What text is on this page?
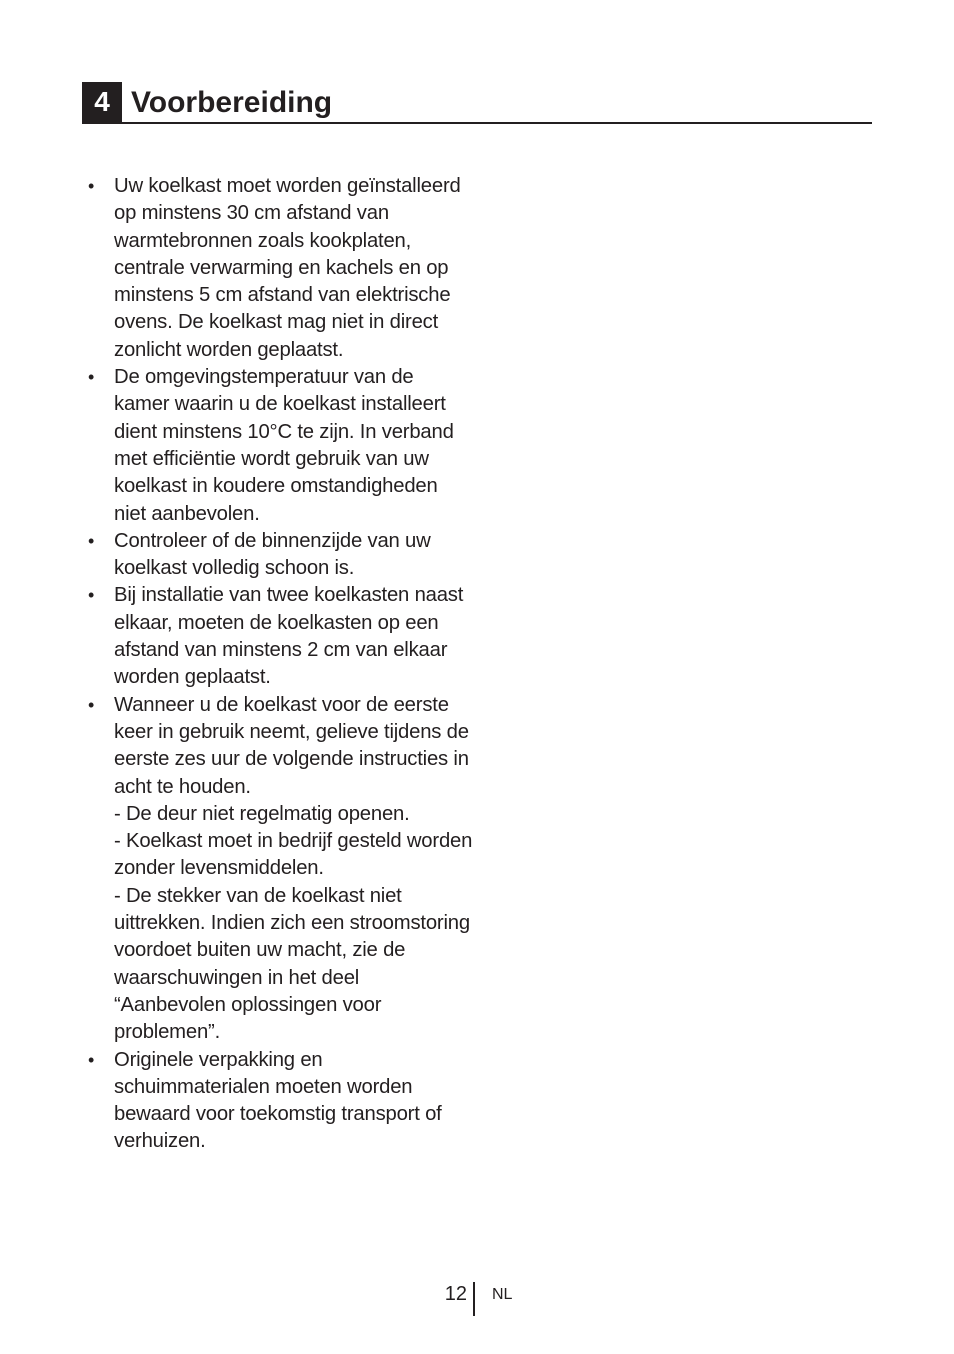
4 Voorbereiding
• Uw koelkast moet worden geïnstalleerd op minstens 30 cm afstand van warmtebronnen zoals kookplaten, centrale verwarming en kachels en op minstens 5 cm afstand van elektrische ovens. De koelkast mag niet in direct zonlicht worden geplaatst.
• De omgevingstemperatuur van de kamer waarin u de koelkast installeert dient minstens 10°C te zijn. In verband met efficiëntie wordt gebruik van uw koelkast in koudere omstandigheden niet aanbevolen.
• Controleer of de binnenzijde van uw koelkast volledig schoon is.
• Bij installatie van twee koelkasten naast elkaar, moeten de koelkasten op een afstand van minstens 2 cm van elkaar worden geplaatst.
• Wanneer u de koelkast voor de eerste keer in gebruik neemt, gelieve tijdens de eerste zes uur de volgende instructies in acht te houden.
- De deur niet regelmatig openen.
- Koelkast moet in bedrijf gesteld worden zonder levensmiddelen.
- De stekker van de koelkast niet uittrekken. Indien zich een stroomstoring voordoet buiten uw macht, zie de waarschuwingen in het deel “Aanbevolen oplossingen voor problemen”.
• Originele verpakking en schuimmaterialen moeten worden bewaard voor toekomstig transport of verhuizen.
12 NL
